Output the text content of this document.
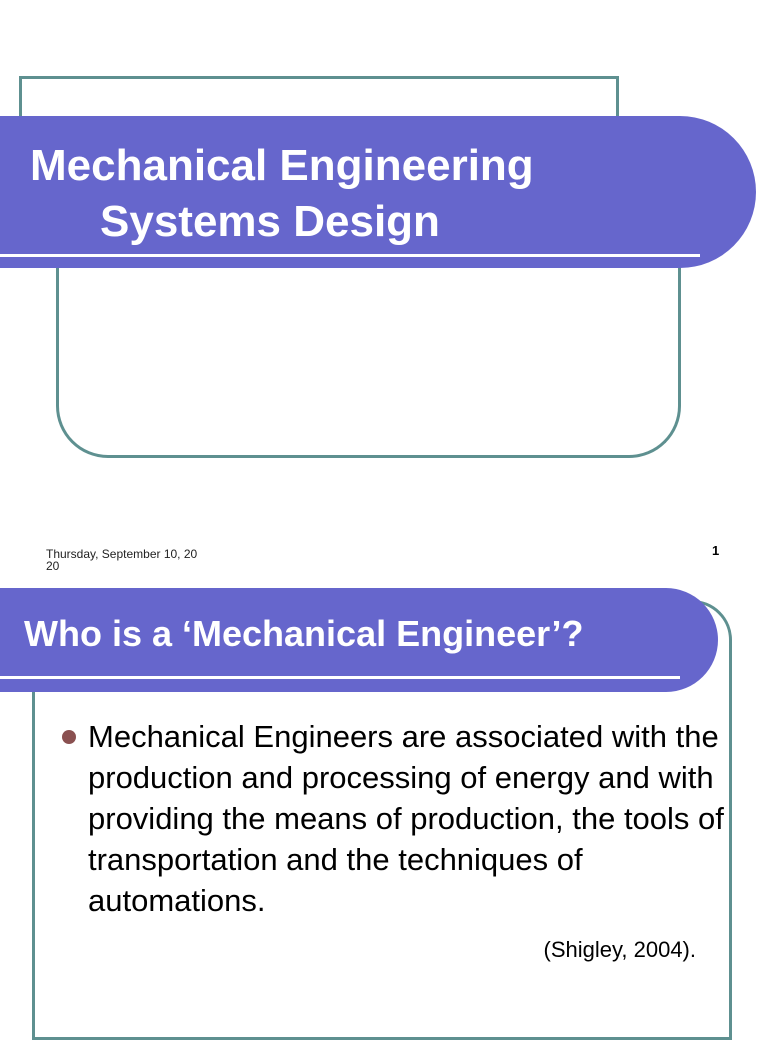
Mechanical Engineering
Systems Design
Thursday, September 10, 20
20
1
Who is a ‘Mechanical Engineer’?
Mechanical Engineers are associated with the production and processing of energy and with providing the means of production, the tools of transportation and the techniques of automations.
(Shigley, 2004).
